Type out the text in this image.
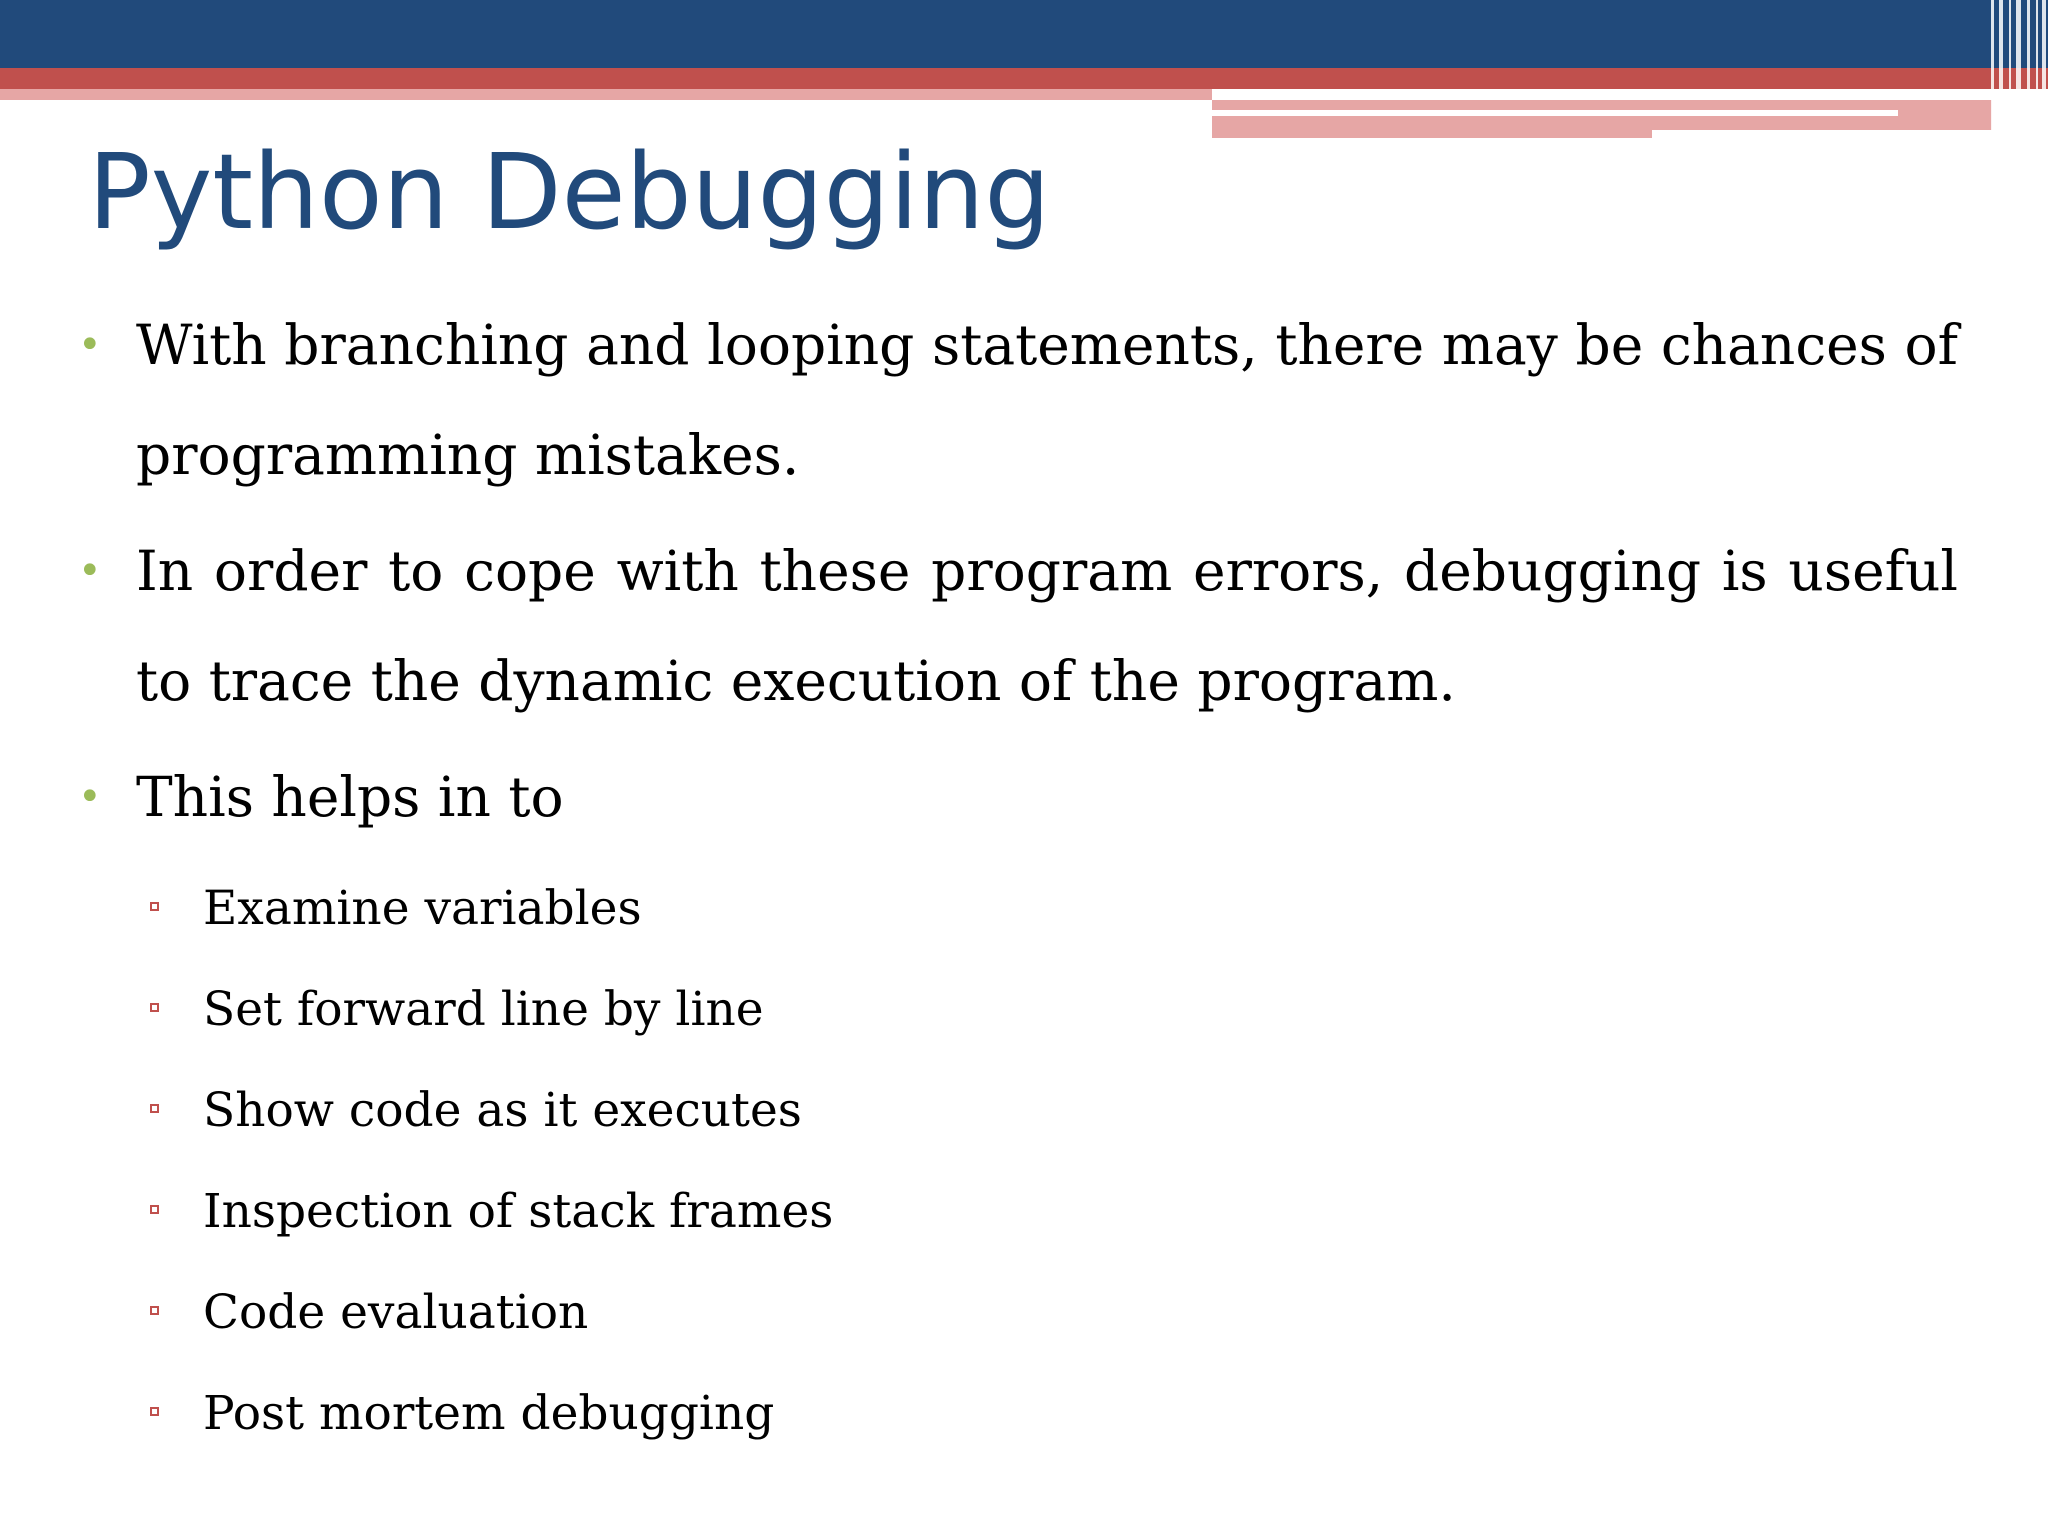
Python Debugging

• With branching and looping statements, there may be chances of programming mistakes.

• In order to cope with these program errors, debugging is useful to trace the dynamic execution of the program.

• This helps in to

Examine variables
Set forward line by line
Show code as it executes
Inspection of stack frames
Code evaluation
Post mortem debugging
